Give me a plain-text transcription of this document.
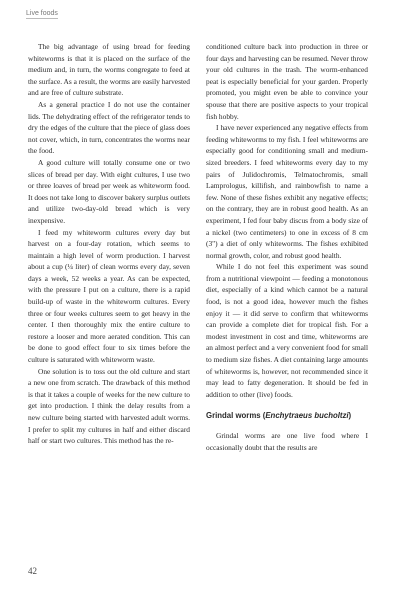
Live foods

The big advantage of using bread for feeding whiteworms is that it is placed on the surface of the medium and, in turn, the worms congregate to feed at the surface. As a result, the worms are easily harvested and are free of culture substrate.

As a general practice I do not use the container lids. The dehydrating effect of the refrigerator tends to dry the edges of the culture that the piece of glass does not cover, which, in turn, concentrates the worms near the food.

A good culture will totally consume one or two slices of bread per day. With eight cultures, I use two or three loaves of bread per week as whiteworm food. It does not take long to discover bakery surplus outlets and utilize two-day-old bread which is very inexpensive.

I feed my whiteworm cultures every day but harvest on a four-day rotation, which seems to maintain a high level of worm production. I harvest about a cup (¼ liter) of clean worms every day, seven days a week, 52 weeks a year. As can be expected, with the pressure I put on a culture, there is a rapid build-up of waste in the whiteworm cultures. Every three or four weeks cultures seem to get heavy in the center. I then thoroughly mix the entire culture to restore a looser and more aerated condition. This can be done to good effect four to six times before the culture is saturated with whiteworm waste.

One solution is to toss out the old culture and start a new one from scratch. The drawback of this method is that it takes a couple of weeks for the new culture to get into production. I think the delay results from a new culture being started with harvested adult worms. I prefer to split my cultures in half and either discard half or start two cultures. This method has the re-

conditioned culture back into production in three or four days and harvesting can be resumed. Never throw your old cultures in the trash. The worm-enhanced peat is especially beneficial for your garden. Properly promoted, you might even be able to convince your spouse that there are positive aspects to your tropical fish hobby.

I have never experienced any negative effects from feeding whiteworms to my fish. I feel whiteworms are especially good for conditioning small and medium-sized breeders. I feed whiteworms every day to my pairs of Julidochromis, Telmatochromis, small Lamprologus, killifish, and rainbowfish to name a few. None of these fishes exhibit any negative effects; on the contrary, they are in robust good health. As an experiment, I fed four baby discus from a body size of a nickel (two centimeters) to one in excess of 8 cm (3") a diet of only whiteworms. The fishes exhibited normal growth, color, and robust good health.

While I do not feel this experiment was sound from a nutritional viewpoint — feeding a monotonous diet, especially of a kind which cannot be a natural food, is not a good idea, however much the fishes enjoy it — it did serve to confirm that whiteworms can provide a complete diet for tropical fish. For a modest investment in cost and time, whiteworms are an almost perfect and a very convenient food for small to medium size fishes. A diet containing large amounts of whiteworms is, however, not recommended since it may lead to fatty degeneration. It should be fed in addition to other (live) foods.

Grindal worms (Enchytraeus bucholtzi)

Grindal worms are one live food where I occasionally doubt that the results are

42
